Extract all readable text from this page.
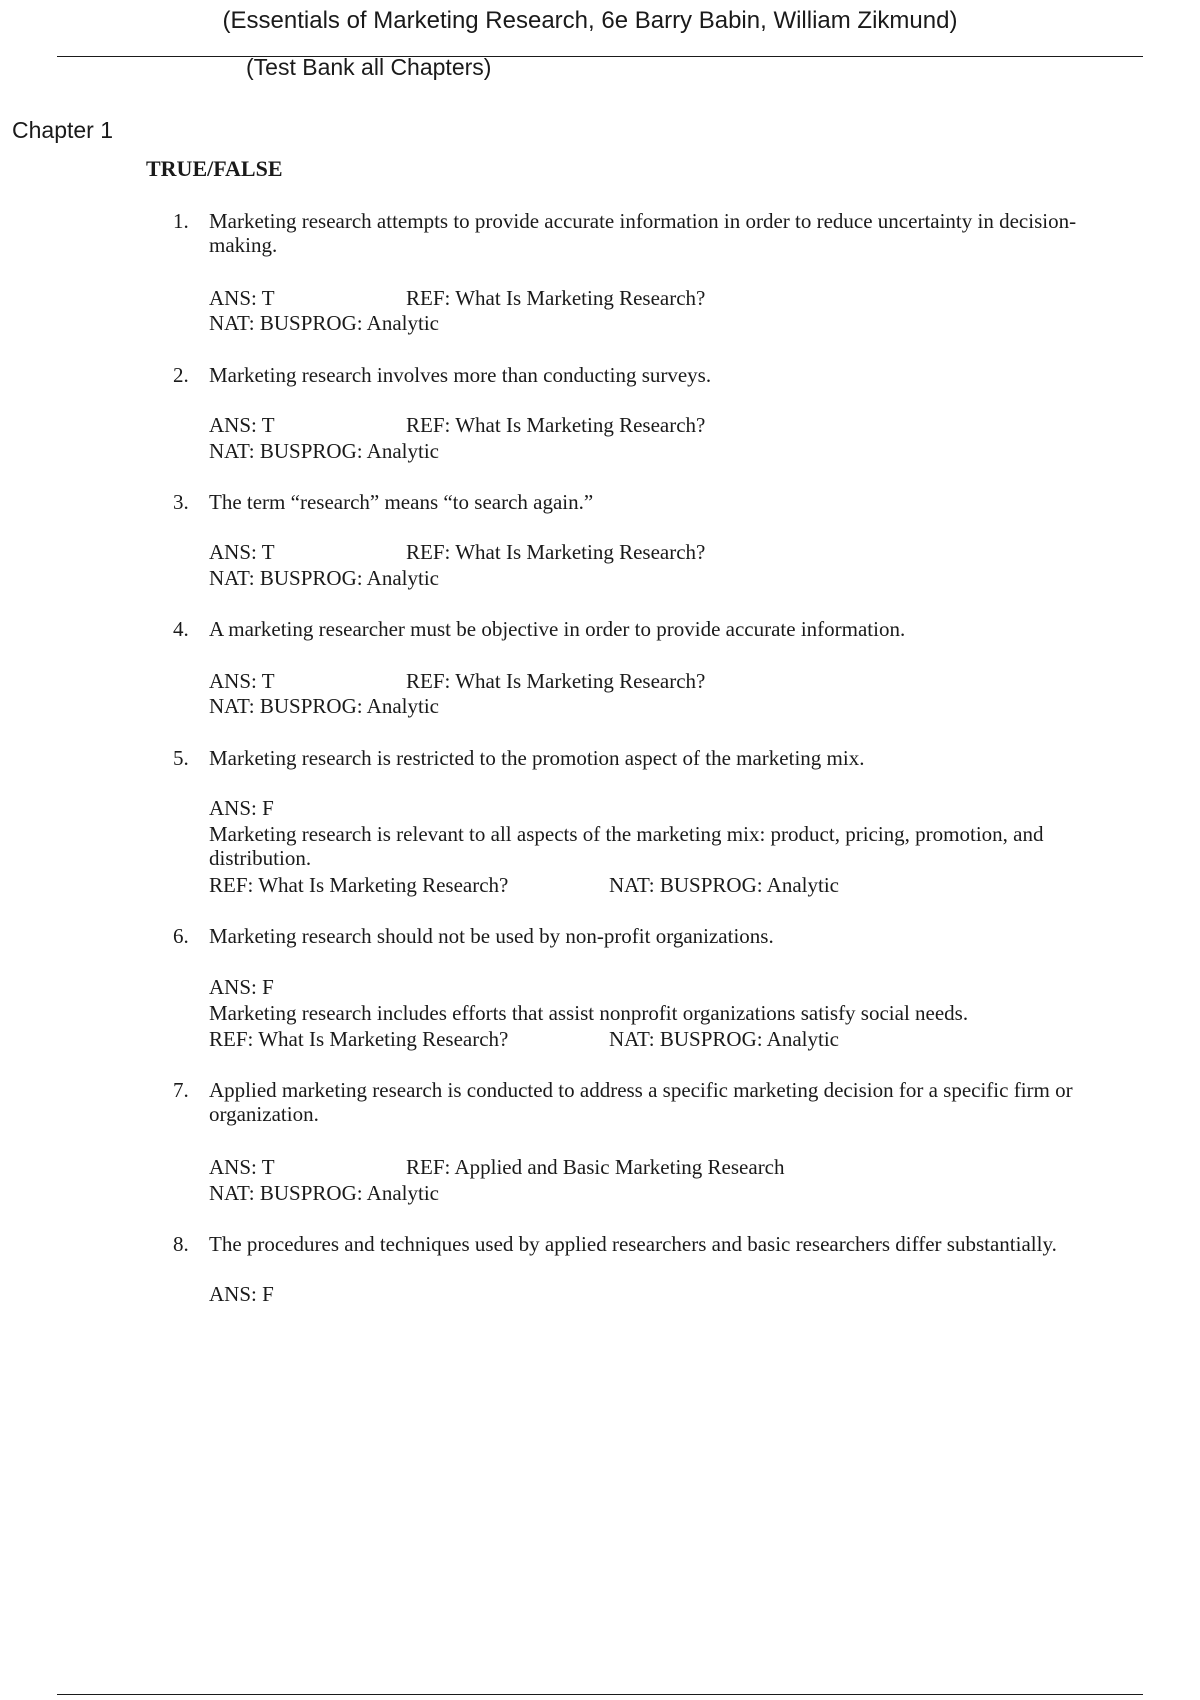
(Essentials of Marketing Research, 6e Barry Babin, William Zikmund)
(Test Bank all Chapters)
Chapter 1
TRUE/FALSE
1. Marketing research attempts to provide accurate information in order to reduce uncertainty in decision-making.
ANS: T	REF: What Is Marketing Research?
NAT: BUSPROG: Analytic
2. Marketing research involves more than conducting surveys.
ANS: T	REF: What Is Marketing Research?
NAT: BUSPROG: Analytic
3. The term “research” means “to search again.”
ANS: T	REF: What Is Marketing Research?
NAT: BUSPROG: Analytic
4. A marketing researcher must be objective in order to provide accurate information.
ANS: T	REF: What Is Marketing Research?
NAT: BUSPROG: Analytic
5. Marketing research is restricted to the promotion aspect of the marketing mix.
ANS: F
Marketing research is relevant to all aspects of the marketing mix: product, pricing, promotion, and distribution.
REF: What Is Marketing Research?	NAT: BUSPROG: Analytic
6. Marketing research should not be used by non-profit organizations.
ANS: F
Marketing research includes efforts that assist nonprofit organizations satisfy social needs.
REF: What Is Marketing Research?	NAT: BUSPROG: Analytic
7. Applied marketing research is conducted to address a specific marketing decision for a specific firm or organization.
ANS: T	REF: Applied and Basic Marketing Research
NAT: BUSPROG: Analytic
8. The procedures and techniques used by applied researchers and basic researchers differ substantially.
ANS: F
